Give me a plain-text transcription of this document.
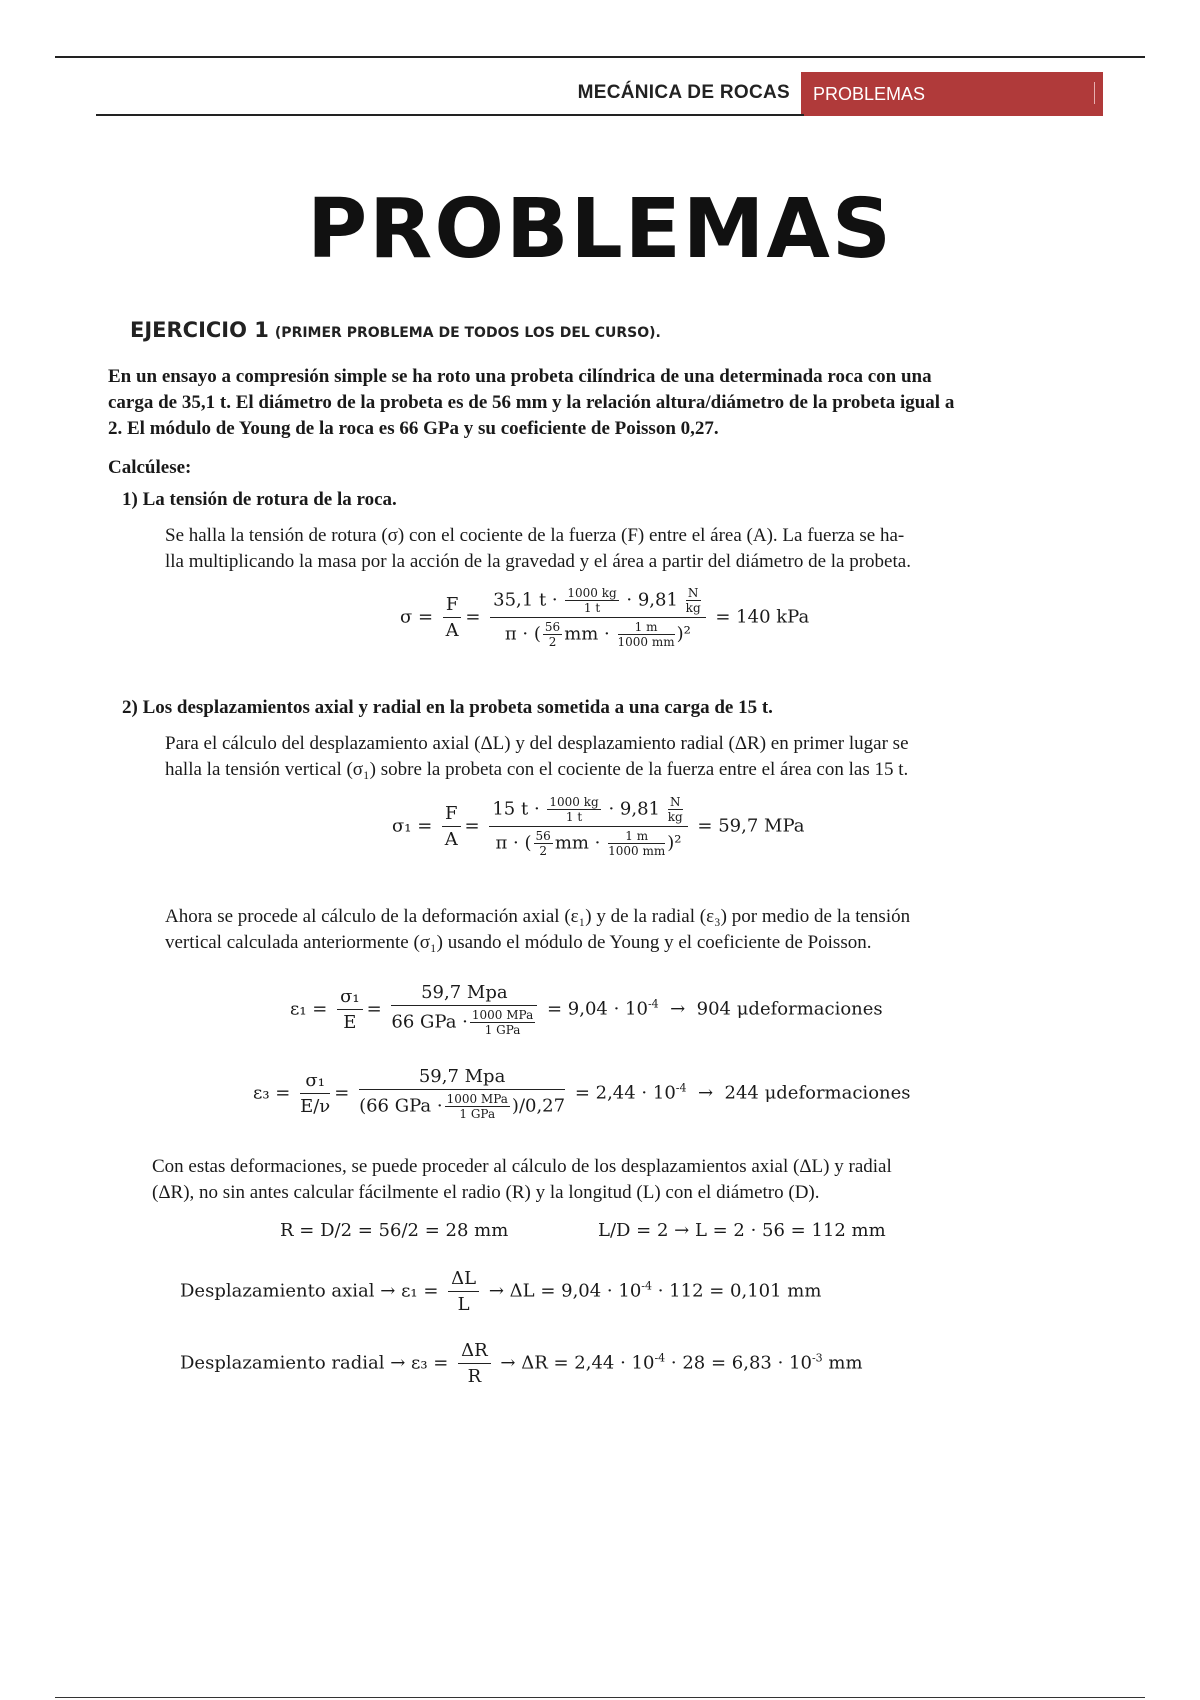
MECÁNICA DE ROCAS	PROBLEMAS
PROBLEMAS
EJERCICIO 1 (PRIMER PROBLEMA DE TODOS LOS DEL CURSO).
En un ensayo a compresión simple se ha roto una probeta cilíndrica de una determinada roca con una
carga de 35,1 t. El diámetro de la probeta es de 56 mm y la relación altura/diámetro de la probeta igual a
2. El módulo de Young de la roca es 66 GPa y su coeficiente de Poisson 0,27.
Calcúlese:
1) La tensión de rotura de la roca.
Se halla la tensión de rotura (σ) con el cociente de la fuerza (F) entre el área (A). La fuerza se ha-
lla multiplicando la masa por la acción de la gravedad y el área a partir del diámetro de la probeta.
$\sigma = \frac{F}{A} = \frac{35,1 t \cdot \frac{1000 kg}{1 t} \cdot 9,81 \frac{N}{kg}}{\pi \cdot ( \frac{56}{2} mm \cdot \frac{1 m}{1000 mm} )^2} = 140$ kPa
2) Los desplazamientos axial y radial en la probeta sometida a una carga de 15 t.
Para el cálculo del desplazamiento axial (ΔL) y del desplazamiento radial (ΔR) en primer lugar se
halla la tensión vertical (σ₁) sobre la probeta con el cociente de la fuerza entre el área con las 15 t.
$\sigma_1 = \frac{F}{A} = \frac{15 t \cdot \frac{1000 kg}{1 t} \cdot 9,81 \frac{N}{kg}}{\pi \cdot ( \frac{56}{2} mm \cdot \frac{1 m}{1000 mm} )^2} = 59,7$ MPa
Ahora se procede al cálculo de la deformación axial (ε₁) y de la radial (ε₃) por medio de la tensión
vertical calculada anteriormente (σ₁) usando el módulo de Young y el coeficiente de Poisson.
$\varepsilon_1 = \frac{\text{σ₁}}{E} = \frac{\text{59,7 Mpa}}{66 GPa \cdot \frac{\text{1000 MPa}}{\text{1 GPa}}} = 9,04 \cdot 10^{-4} \to 904$ μdeformaciones
$\varepsilon_3 = \frac{\text{σ₁}}{E/\nu} = \frac{\text{59,7 Mpa}}{(66 GPa \cdot \frac{\text{1000 MPa}}{\text{1 GPa}} )/0,27} = 2,44 \cdot 10^{-4} \to 244$ μdeformaciones
Con estas deformaciones, se puede proceder al cálculo de los desplazamientos axial (ΔL) y radial
(ΔR), no sin antes calcular fácilmente el radio (R) y la longitud (L) con el diámetro (D).
R = D/2 = 56/2 = 28 mm	L/D = 2 → L = 2 · 56 = 112 mm
Desplazamiento axial → $\varepsilon_1 = \frac{\Delta L}{L} \to \Delta L = 9,04 \cdot 10^{-4} \cdot 112 = 0,101$ mm
Desplazamiento radial → $\varepsilon_3 = \frac{\Delta R}{R} \to \Delta R = 2,44 \cdot 10^{-4} \cdot 28 = 6,83 \cdot 10^{-3}$ mm
